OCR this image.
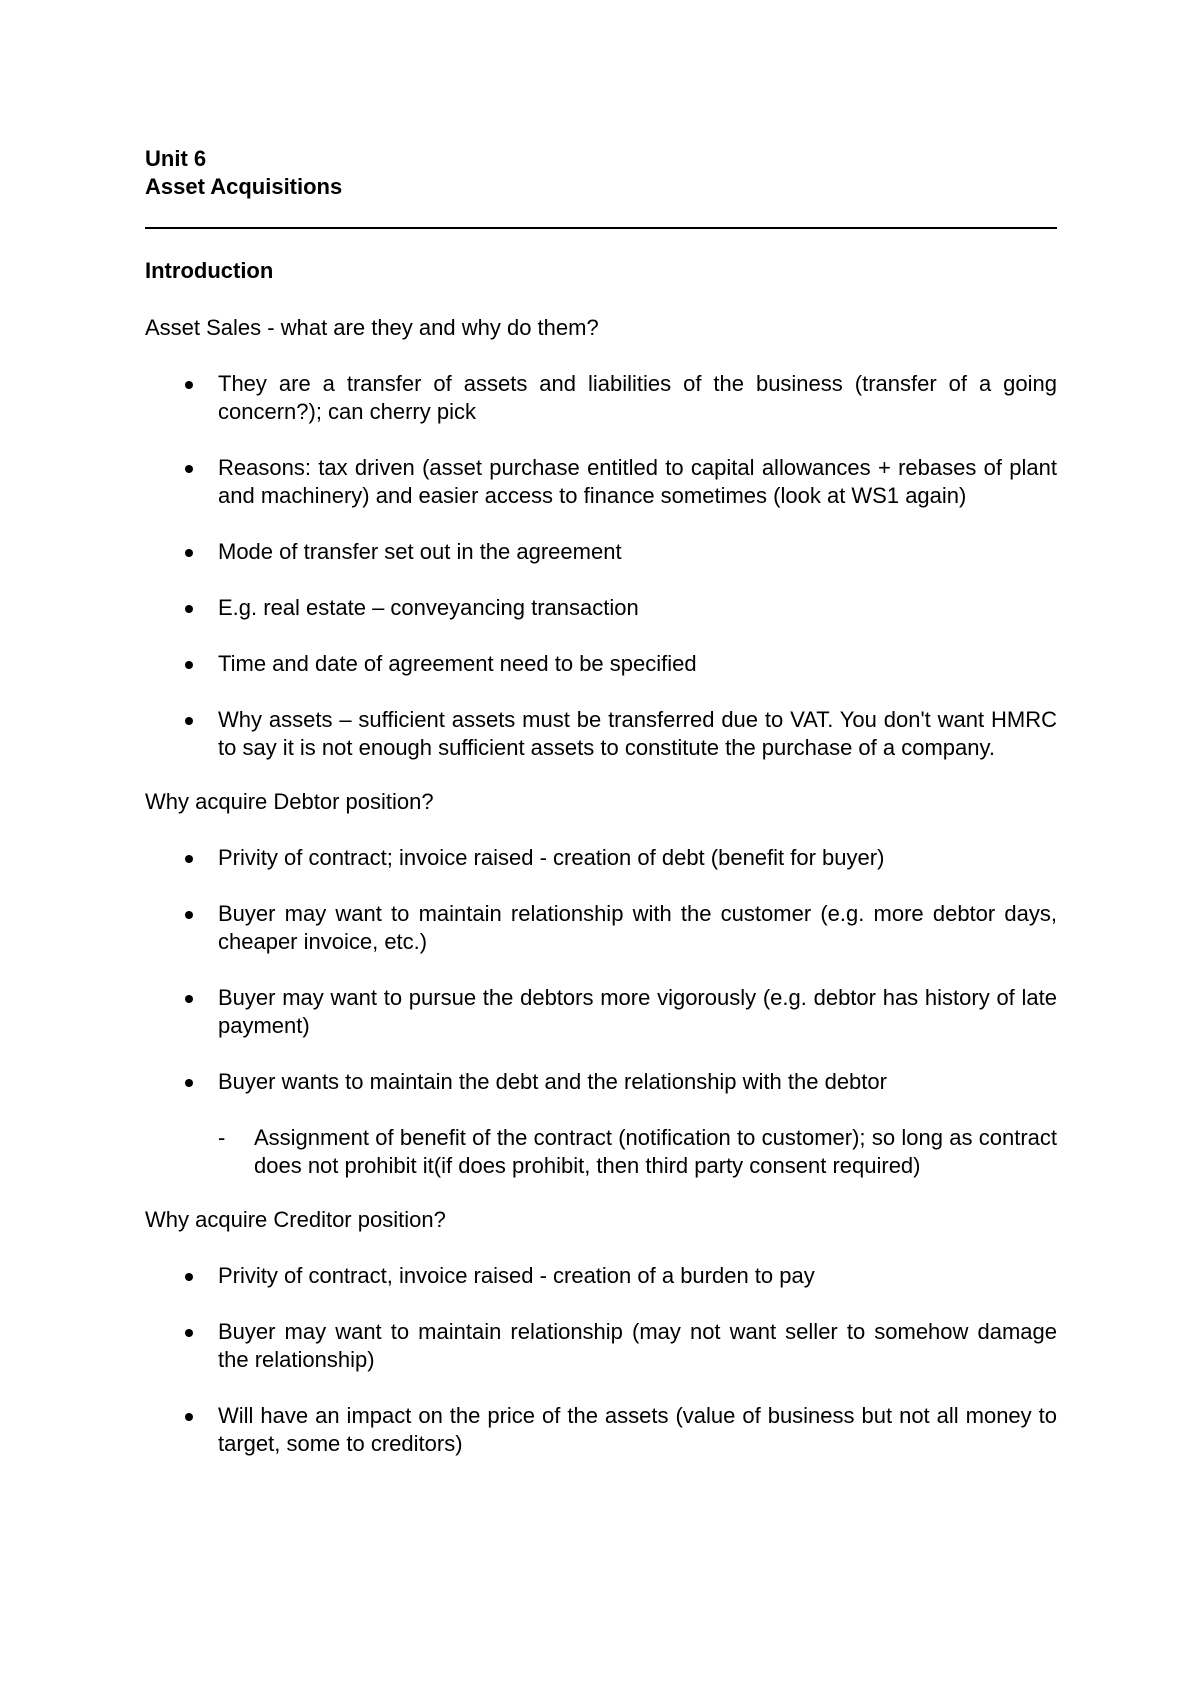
Unit 6

Asset Acquisitions

Introduction

Asset Sales - what are they and why do them?

They are a transfer of assets and liabilities of the business (transfer of a going concern?); can cherry pick
Reasons: tax driven (asset purchase entitled to capital allowances + rebases of plant and machinery) and easier access to finance sometimes (look at WS1 again)
Mode of transfer set out in the agreement
E.g. real estate – conveyancing transaction
Time and date of agreement need to be specified
Why assets – sufficient assets must be transferred due to VAT. You don't want HMRC to say it is not enough sufficient assets to constitute the purchase of a company.

Why acquire Debtor position?

Privity of contract; invoice raised - creation of debt (benefit for buyer)
Buyer may want to maintain relationship with the customer (e.g. more debtor days, cheaper invoice, etc.)
Buyer may want to pursue the debtors more vigorously (e.g. debtor has history of late payment)
Buyer wants to maintain the debt and the relationship with the debtor
- Assignment of benefit of the contract (notification to customer); so long as contract does not prohibit it(if does prohibit, then third party consent required)

Why acquire Creditor position?

Privity of contract, invoice raised - creation of a burden to pay
Buyer may want to maintain relationship (may not want seller to somehow damage the relationship)
Will have an impact on the price of the assets (value of business but not all money to target, some to creditors)
